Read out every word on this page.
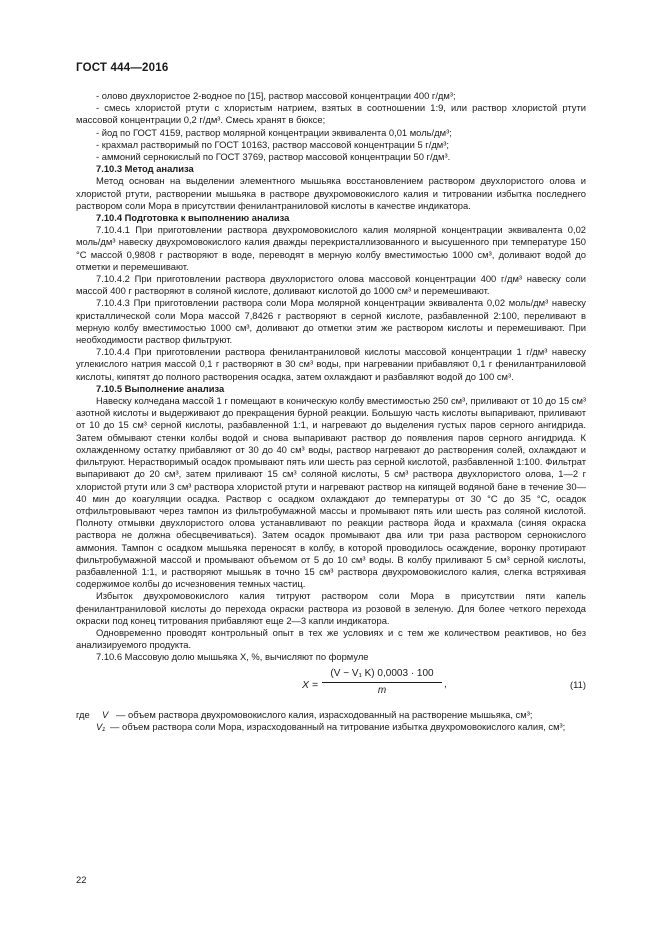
ГОСТ 444—2016

- олово двухлористое 2-водное по [15], раствор массовой концентрации 400 г/дм³;

- смесь хлористой ртути с хлористым натрием, взятых в соотношении 1:9, или раствор хлористой ртути массовой концентрации 0,2 г/дм³. Смесь хранят в бюксе;

- йод по ГОСТ 4159, раствор молярной концентрации эквивалента 0,01 моль/дм³;

- крахмал растворимый по ГОСТ 10163, раствор массовой концентрации 5 г/дм³;

- аммоний сернокислый по ГОСТ 3769, раствор массовой концентрации 50 г/дм³.

7.10.3 Метод анализа

Метод основан на выделении элементного мышьяка восстановлением раствором двухлористого олова и хлористой ртути, растворении мышьяка в растворе двухромовокислого калия и титровании избытка последнего раствором соли Мора в присутствии фенилантраниловой кислоты в качестве индикатора.

7.10.4 Подготовка к выполнению анализа

7.10.4.1 При приготовлении раствора двухромовокислого калия молярной концентрации эквивалента 0,02 моль/дм³ навеску двухромовокислого калия дважды перекристаллизованного и высушенного при температуре 150 °С массой 0,9808 г растворяют в воде, переводят в мерную колбу вместимостью 1000 см³, доливают водой до отметки и перемешивают.

7.10.4.2 При приготовлении раствора двухлористого олова массовой концентрации 400 г/дм³ навеску соли массой 400 г растворяют в соляной кислоте, доливают кислотой до 1000 см³ и перемешивают.

7.10.4.3 При приготовлении раствора соли Мора молярной концентрации эквивалента 0,02 моль/дм³ навеску кристаллической соли Мора массой 7,8426 г растворяют в серной кислоте, разбавленной 2:100, переливают в мерную колбу вместимостью 1000 см³, доливают до отметки этим же раствором кислоты и перемешивают. При необходимости раствор фильтруют.

7.10.4.4 При приготовлении раствора фенилантраниловой кислоты массовой концентрации 1 г/дм³ навеску углекислого натрия массой 0,1 г растворяют в 30 см³ воды, при нагревании прибавляют 0,1 г фенилантраниловой кислоты, кипятят до полного растворения осадка, затем охлаждают и разбавляют водой до 100 см³.

7.10.5 Выполнение анализа

Навеску колчедана массой 1 г помещают в коническую колбу вместимостью 250 см³, приливают от 10 до 15 см³ азотной кислоты и выдерживают до прекращения бурной реакции. Большую часть кислоты выпаривают, приливают от 10 до 15 см³ серной кислоты, разбавленной 1:1, и нагревают до выделения густых паров серного ангидрида. Затем обмывают стенки колбы водой и снова выпаривают раствор до появления паров серного ангидрида. К охлажденному остатку прибавляют от 30 до 40 см³ воды, раствор нагревают до растворения солей, охлаждают и фильтруют. Нерастворимый осадок промывают пять или шесть раз серной кислотой, разбавленной 1:100. Фильтрат выпаривают до 20 см³, затем приливают 15 см³ соляной кислоты, 5 см³ раствора двухлористого олова, 1—2 г хлористой ртути или 3 см³ раствора хлористой ртути и нагревают раствор на кипящей водяной бане в течение 30—40 мин до коагуляции осадка. Раствор с осадком охлаждают до температуры от 30 °С до 35 °С, осадок отфильтровывают через тампон из фильтробумажной массы и промывают пять или шесть раз соляной кислотой. Полноту отмывки двухлористого олова устанавливают по реакции раствора йода и крахмала (синяя окраска раствора не должна обесцвечиваться). Затем осадок промывают два или три раза раствором сернокислого аммония. Тампон с осадком мышьяка переносят в колбу, в которой проводилось осаждение, воронку протирают фильтробумажной массой и промывают объемом от 5 до 10 см³ воды. В колбу приливают 5 см³ серной кислоты, разбавленной 1:1, и растворяют мышьяк в точно 15 см³ раствора двухромовокислого калия, слегка встряхивая содержимое колбы до исчезновения темных частиц.

Избыток двухромовокислого калия титруют раствором соли Мора в присутствии пяти капель фенилантраниловой кислоты до перехода окраски раствора из розовой в зеленую. Для более четкого перехода окраски под конец титрования прибавляют еще 2—3 капли индикатора.

Одновременно проводят контрольный опыт в тех же условиях и с тем же количеством реактивов, но без анализируемого продукта.

7.10.6 Массовую долю мышьяка X, %, вычисляют по формуле

$X = \frac{\text{(V − V₁ K) 0,0003 · 100}}{m}$ ,	(11)
где	V — объем раствора двухромовокислого калия, израсходованный на растворение мышьяка, см³;
V₁ — объем раствора соли Мора, израсходованный на титрование избытка двухромовокислого калия, см³;
22
